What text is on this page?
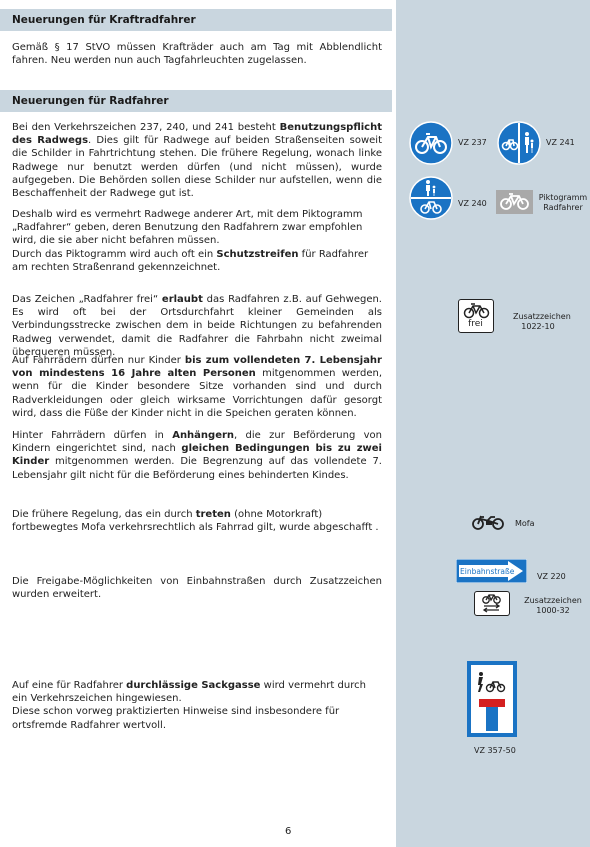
Neuerungen für Kraftradfahrer

Gemäß § 17 StVO müssen Krafträder auch am Tag mit Abblendlicht fahren. Neu werden nun auch Tagfahrleuchten zugelassen.

Neuerungen für Radfahrer

Bei den Verkehrszeichen 237, 240, und 241 besteht Benutzungspflicht des Radwegs. Dies gilt für Radwege auf beiden Straßenseiten soweit die Schilder in Fahrtrichtung stehen. Die frühere Regelung, wonach linke Radwege nur benutzt werden dürfen (und nicht müssen), wurde aufgegeben. Die Behörden sollen diese Schilder nur aufstellen, wenn die Beschaffenheit der Radwege gut ist.

Deshalb wird es vermehrt Radwege anderer Art, mit dem Piktogramm „Radfahrer“ geben, deren Benutzung den Radfahrern zwar empfohlen wird, die sie aber nicht befahren müssen.

Durch das Piktogramm wird auch oft ein Schutzstreifen für Radfahrer am rechten Straßenrand gekennzeichnet.

Das Zeichen „Radfahrer frei“ erlaubt das Radfahren z.B. auf Gehwegen. Es wird oft bei der Ortsdurchfahrt kleiner Gemeinden als Verbindungsstrecke zwischen dem in beide Richtungen zu befahrenden Radweg verwendet, damit die Radfahrer die Fahrbahn nicht zweimal überqueren müssen.

Auf Fahrrädern dürfen nur Kinder bis zum vollendeten 7. Lebensjahr von mindestens 16 Jahre alten Personen mitgenommen werden, wenn für die Kinder besondere Sitze vorhanden sind und durch Radverkleidungen oder gleich wirksame Vorrichtungen dafür gesorgt wird, dass die Füße der Kinder nicht in die Speichen geraten können.

Hinter Fahrrädern dürfen in Anhängern, die zur Beförderung von Kindern eingerichtet sind, nach gleichen Bedingungen bis zu zwei Kinder mitgenommen werden. Die Begrenzung auf das vollendete 7. Lebensjahr gilt nicht für die Beförderung eines behinderten Kindes.

Die frühere Regelung, das ein durch treten (ohne Motorkraft) fortbewegtes Mofa verkehrsrechtlich als Fahrrad gilt, wurde abgeschafft .

Die Freigabe-Möglichkeiten von Einbahnstraßen durch Zusatzzeichen wurden erweitert.

Auf eine für Radfahrer durchlässige Sackgasse wird vermehrt durch ein Verkehrszeichen hingewiesen.

Diese schon vorweg praktizierten Hinweise sind insbesondere für ortsfremde Radfahrer wertvoll.

6
VZ 237	VZ 241
VZ 240
Piktogramm Radfahrer
frei
Zusatzzeichen
1022-10
Mofa
Einbahnstraße
VZ 220
Zusatzzeichen
1000-32
VZ 357-50
